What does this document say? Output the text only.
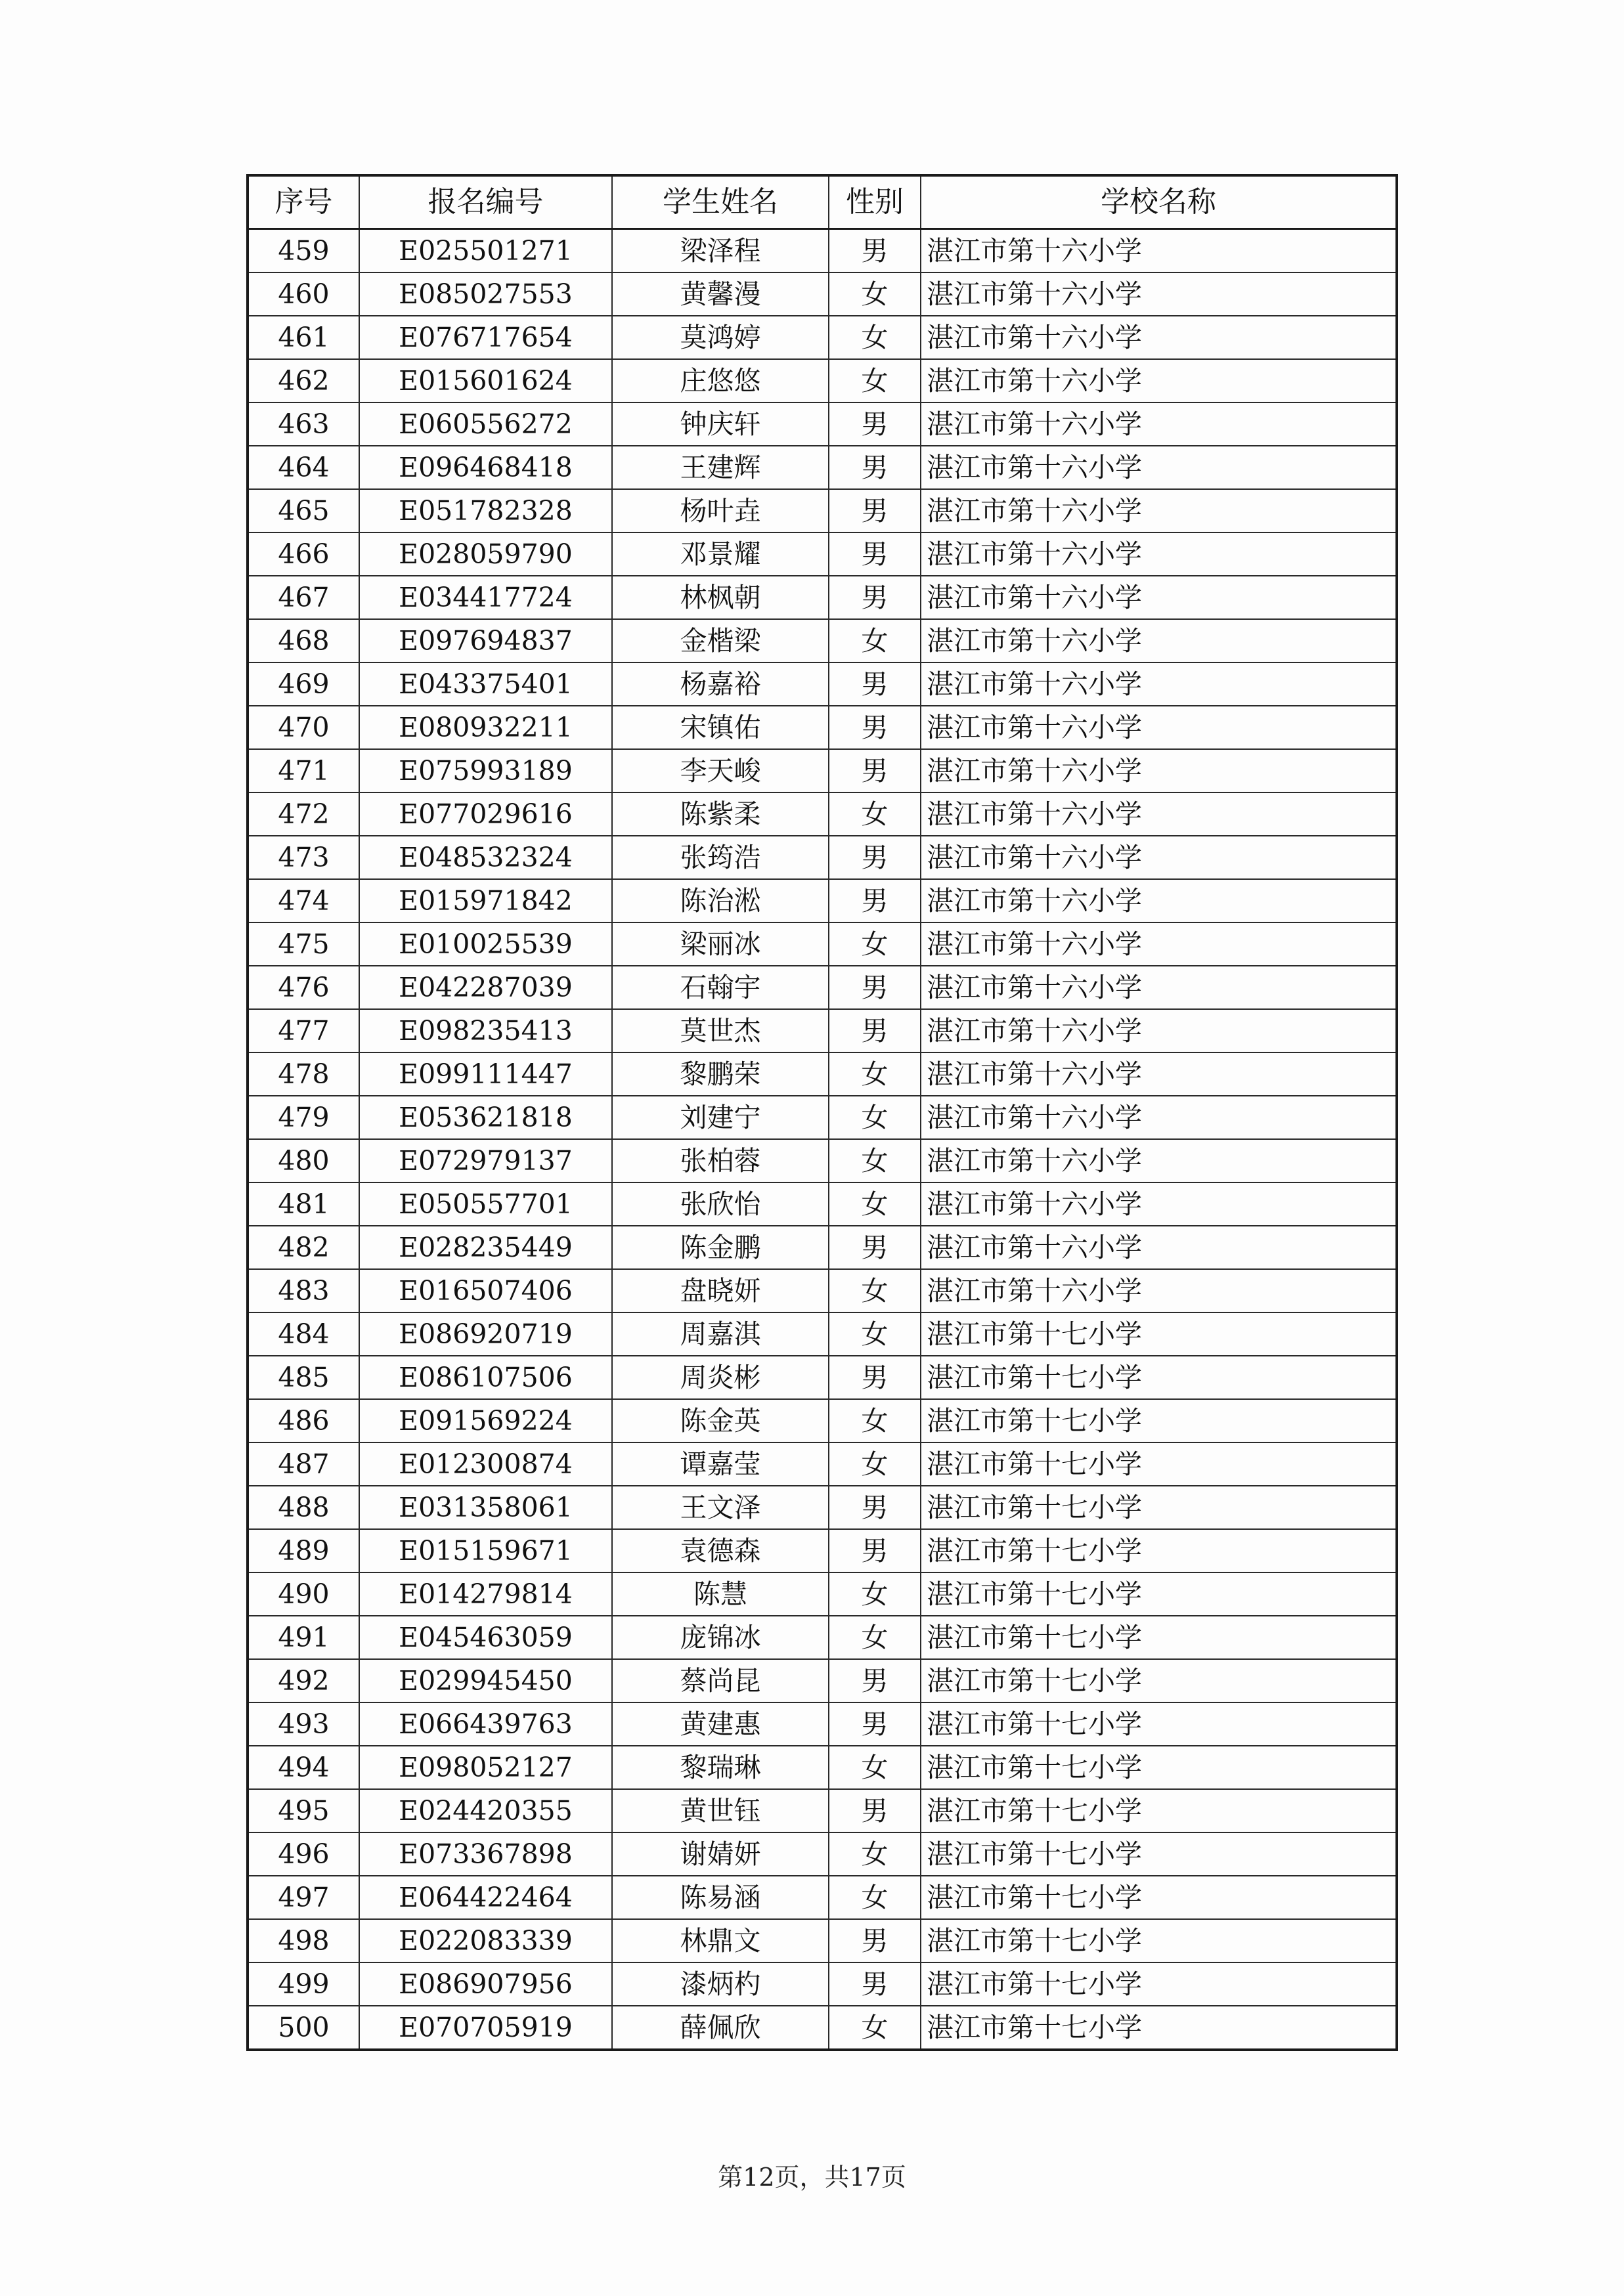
序号	报名编号	学生姓名	性别	学校名称
459	E025501271	梁泽程	男	湛江市第十六小学
460	E085027553	黄馨漫	女	湛江市第十六小学
461	E076717654	莫鸿婷	女	湛江市第十六小学
462	E015601624	庄悠悠	女	湛江市第十六小学
463	E060556272	钟庆轩	男	湛江市第十六小学
464	E096468418	王建辉	男	湛江市第十六小学
465	E051782328	杨叶垚	男	湛江市第十六小学
466	E028059790	邓景耀	男	湛江市第十六小学
467	E034417724	林枫朝	男	湛江市第十六小学
468	E097694837	金楷梁	女	湛江市第十六小学
469	E043375401	杨嘉裕	男	湛江市第十六小学
470	E080932211	宋镇佑	男	湛江市第十六小学
471	E075993189	李天峻	男	湛江市第十六小学
472	E077029616	陈紫柔	女	湛江市第十六小学
473	E048532324	张筠浩	男	湛江市第十六小学
474	E015971842	陈治淞	男	湛江市第十六小学
475	E010025539	梁丽冰	女	湛江市第十六小学
476	E042287039	石翰宇	男	湛江市第十六小学
477	E098235413	莫世杰	男	湛江市第十六小学
478	E099111447	黎鹏荣	女	湛江市第十六小学
479	E053621818	刘建宁	女	湛江市第十六小学
480	E072979137	张柏蓉	女	湛江市第十六小学
481	E050557701	张欣怡	女	湛江市第十六小学
482	E028235449	陈金鹏	男	湛江市第十六小学
483	E016507406	盘晓妍	女	湛江市第十六小学
484	E086920719	周嘉淇	女	湛江市第十七小学
485	E086107506	周炎彬	男	湛江市第十七小学
486	E091569224	陈金英	女	湛江市第十七小学
487	E012300874	谭嘉莹	女	湛江市第十七小学
488	E031358061	王文泽	男	湛江市第十七小学
489	E015159671	袁德森	男	湛江市第十七小学
490	E014279814	陈慧	女	湛江市第十七小学
491	E045463059	庞锦冰	女	湛江市第十七小学
492	E029945450	蔡尚昆	男	湛江市第十七小学
493	E066439763	黄建惠	男	湛江市第十七小学
494	E098052127	黎瑞琳	女	湛江市第十七小学
495	E024420355	黄世钰	男	湛江市第十七小学
496	E073367898	谢婧妍	女	湛江市第十七小学
497	E064422464	陈易涵	女	湛江市第十七小学
498	E022083339	林鼎文	男	湛江市第十七小学
499	E086907956	漆炳杓	男	湛江市第十七小学
500	E070705919	薛佩欣	女	湛江市第十七小学
第12页，共17页
